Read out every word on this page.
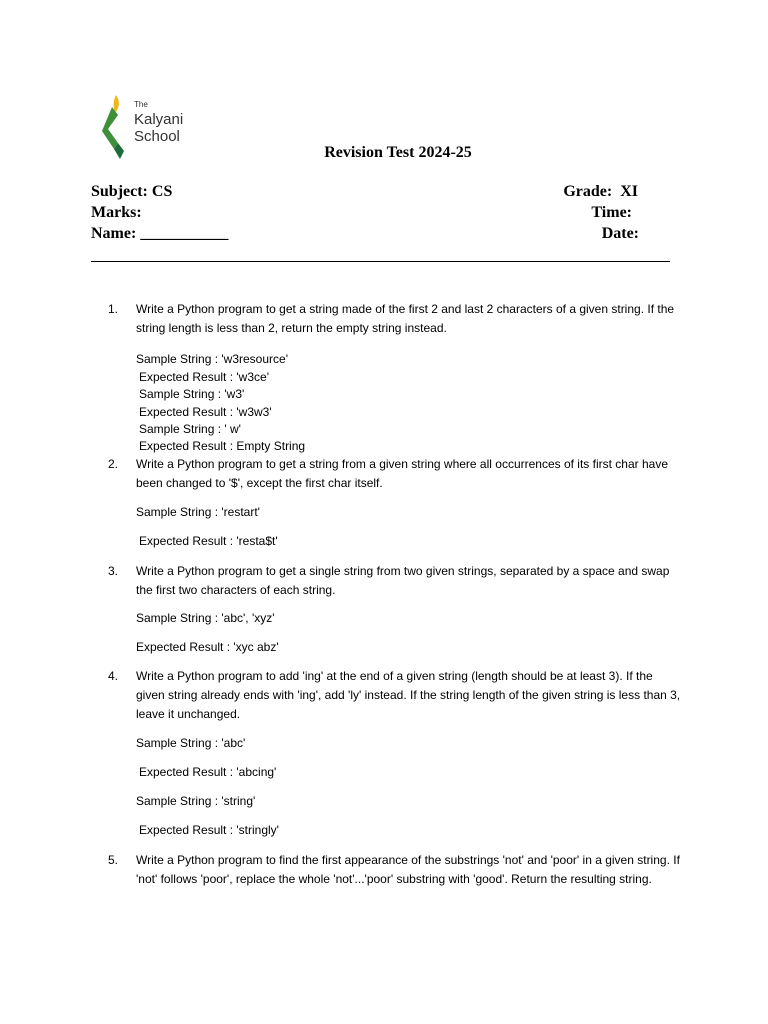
The
Kalyani
School
Revision Test 2024-25
Subject: CS	Grade:  XI
Marks:	Time:
Name: ___________	Date:
1.	Write a Python program to get a string made of the first 2 and last 2 characters of a given string. If the string length is less than 2, return the empty string instead.
Sample String : 'w3resource'
Expected Result : 'w3ce'
Sample String : 'w3'
Expected Result : 'w3w3'
Sample String : ' w'
Expected Result : Empty String
2.	Write a Python program to get a string from a given string where all occurrences of its first char have been changed to '$', except the first char itself.
Sample String : 'restart'
Expected Result : 'resta$t'
3.	Write a Python program to get a single string from two given strings, separated by a space and swap the first two characters of each string.
Sample String : 'abc', 'xyz'
Expected Result : 'xyc abz'
4.	Write a Python program to add 'ing' at the end of a given string (length should be at least 3). If the given string already ends with 'ing', add 'ly' instead. If the string length of the given string is less than 3, leave it unchanged.
Sample String : 'abc'
Expected Result : 'abcing'
Sample String : 'string'
Expected Result : 'stringly'
5.	Write a Python program to find the first appearance of the substrings 'not' and 'poor' in a given string. If 'not' follows 'poor', replace the whole 'not'...'poor' substring with 'good'. Return the resulting string.
